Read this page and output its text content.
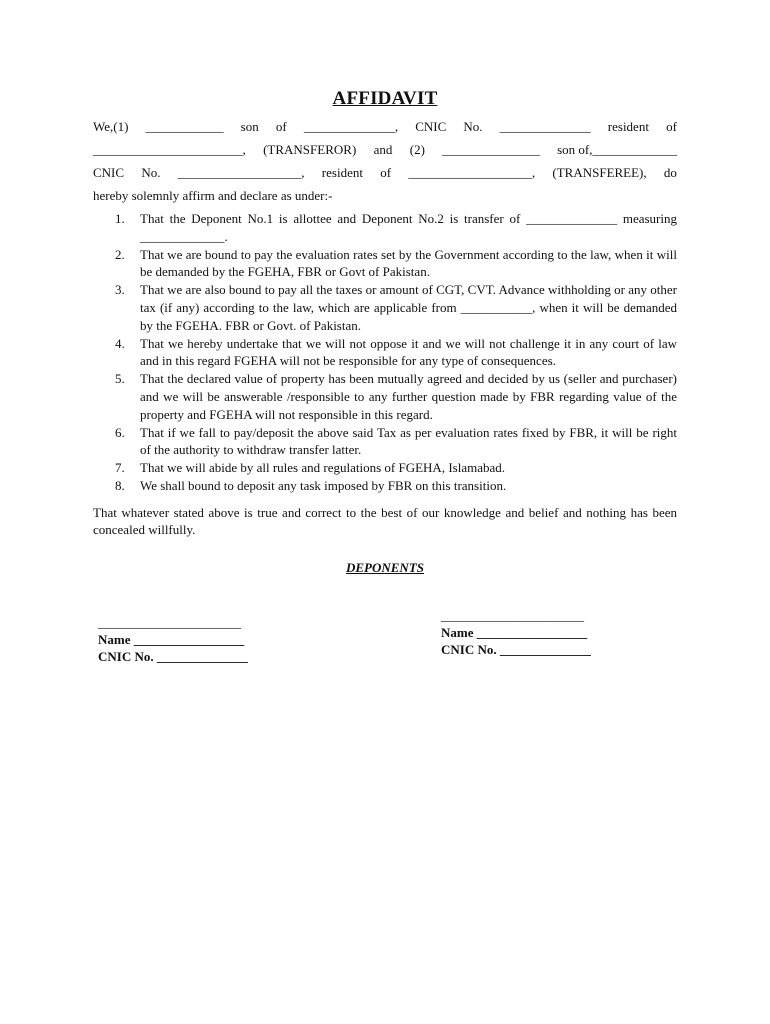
AFFIDAVIT
We,(1) ____________ son of ______________, CNIC No. ______________ resident of
_______________________, (TRANSFEROR) and (2) _______________ son of,_____________
CNIC No. ___________________, resident of ___________________, (TRANSFEREE), do
hereby solemnly affirm and declare as under:-
1. That the Deponent No.1 is allottee and Deponent No.2 is transfer of ______________ measuring _____________.
2. That we are bound to pay the evaluation rates set by the Government according to the law, when it will be demanded by the FGEHA, FBR or Govt of Pakistan.
3. That we are also bound to pay all the taxes or amount of CGT, CVT. Advance withholding or any other tax (if any) according to the law, which are applicable from ___________, when it will be demanded by the FGEHA. FBR or Govt. of Pakistan.
4. That we hereby undertake that we will not oppose it and we will not challenge it in any court of law and in this regard FGEHA will not be responsible for any type of consequences.
5. That the declared value of property has been mutually agreed and decided by us (seller and purchaser) and we will be answerable /responsible to any further question made by FBR regarding value of the property and FGEHA will not responsible in this regard.
6. That if we fall to pay/deposit the above said Tax as per evaluation rates fixed by FBR, it will be right of the authority to withdraw transfer latter.
7. That we will abide by all rules and regulations of FGEHA, Islamabad.
8. We shall bound to deposit any task imposed by FBR on this transition.
That whatever stated above is true and correct to the best of our knowledge and belief and nothing has been concealed willfully.
DEPONENTS
______________________
Name _________________
CNIC No. ______________
______________________
Name _________________
CNIC No. ______________
